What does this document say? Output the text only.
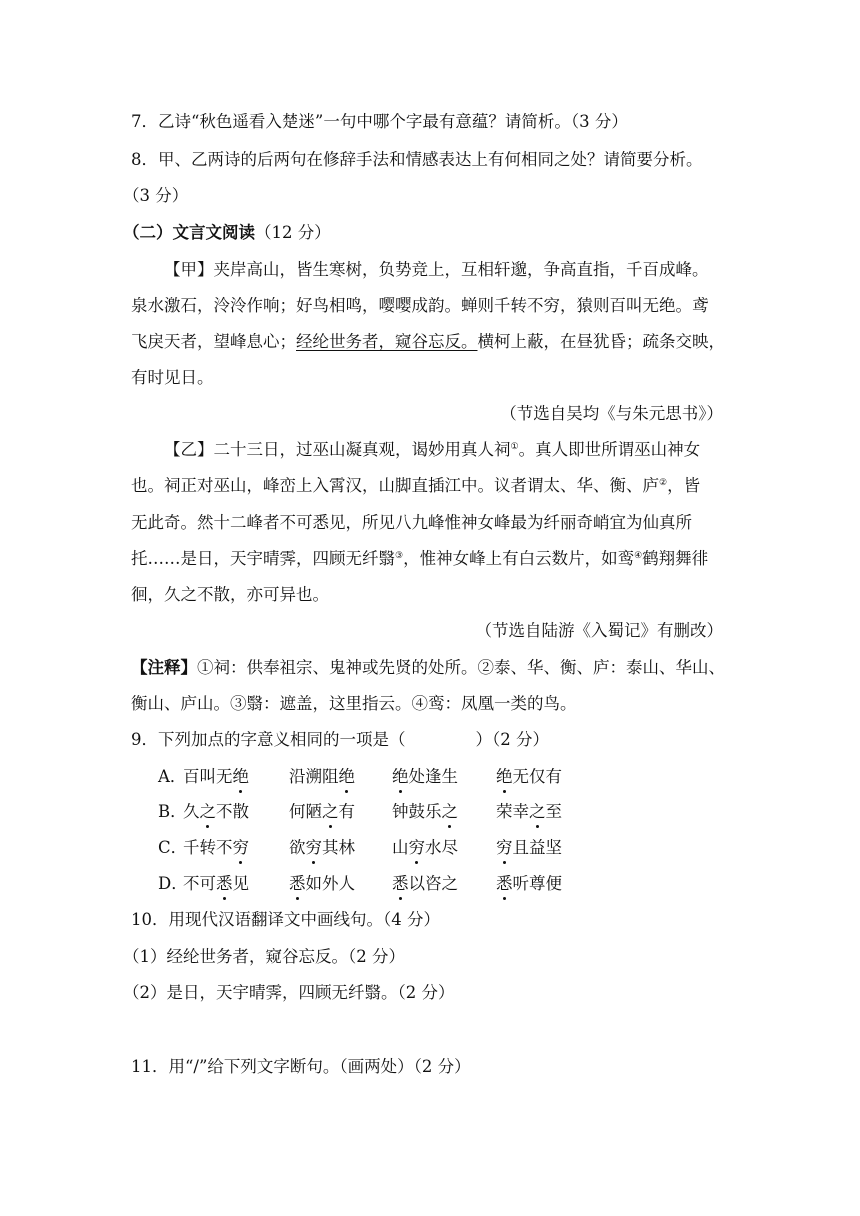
7．乙诗“秋色遥看入楚迷”一句中哪个字最有意蕴？请简析。（3 分）
8．甲、乙两诗的后两句在修辞手法和情感表达上有何相同之处？请简要分析。
（3 分）
（二）文言文阅读（12 分）
【甲】夹岸高山，皆生寒树，负势竞上，互相轩邈，争高直指，千百成峰。
泉水激石，泠泠作响；好鸟相鸣，嘤嘤成韵。蝉则千转不穷，猿则百叫无绝。鸢
飞戾天者，望峰息心；经纶世务者，窥谷忘反。横柯上蔽，在昼犹昏；疏条交映，
有时见日。
（节选自吴均《与朱元思书》）
【乙】二十三日，过巫山凝真观，谒妙用真人祠①。真人即世所谓巫山神女
也。祠正对巫山，峰峦上入霄汉，山脚直插江中。议者谓太、华、衡、庐②，皆
无此奇。然十二峰者不可悉见，所见八九峰惟神女峰最为纤丽奇峭宜为仙真所
托……是日，天宇晴霁，四顾无纤翳③，惟神女峰上有白云数片，如鸾④鹤翔舞徘
徊，久之不散，亦可异也。
（节选自陆游《入蜀记》有删改）
【注释】①祠：供奉祖宗、鬼神或先贤的处所。②泰、华、衡、庐：泰山、华山、
衡山、庐山。③翳：遮盖，这里指云。④鸾：凤凰一类的鸟。
9．下列加点的字意义相同的一项是（	）（2 分）
A．
百叫无绝 沿溯阻绝 绝处逢生 绝无仅有
B．
久之不散 何陋之有 钟鼓乐之 荣幸之至
C．
千转不穷 欲穷其林 山穷水尽 穷且益坚
D．
不可悉见 悉如外人 悉以咨之 悉听尊便
10．用现代汉语翻译文中画线句。（4 分）
（1）经纶世务者，窥谷忘反。（2 分）
（2）是日，天宇晴霁，四顾无纤翳。（2 分）
11．用“/”给下列文字断句。（画两处）（2 分）
